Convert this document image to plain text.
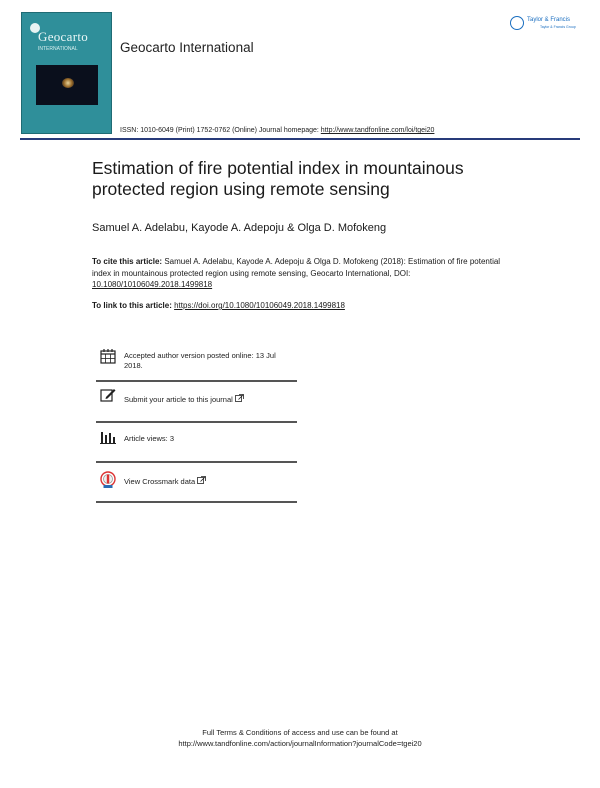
Geocarto
INTERNATIONAL	Geocarto International
ISSN: 1010-6049 (Print) 1752-0762 (Online) Journal homepage: http://www.tandfonline.com/loi/tgei20
Taylor & Francis
Taylor & Francis Group
Estimation of fire potential index in mountainous protected region using remote sensing
Samuel A. Adelabu, Kayode A. Adepoju & Olga D. Mofokeng
To cite this article: Samuel A. Adelabu, Kayode A. Adepoju & Olga D. Mofokeng (2018): Estimation of fire potential index in mountainous protected region using remote sensing, Geocarto International, DOI: 10.1080/10106049.2018.1499818
To link to this article: https://doi.org/10.1080/10106049.2018.1499818
Accepted author version posted online: 13 Jul 2018.
Submit your article to this journal
Article views: 3
View Crossmark data
Full Terms & Conditions of access and use can be found at
http://www.tandfonline.com/action/journalInformation?journalCode=tgei20
